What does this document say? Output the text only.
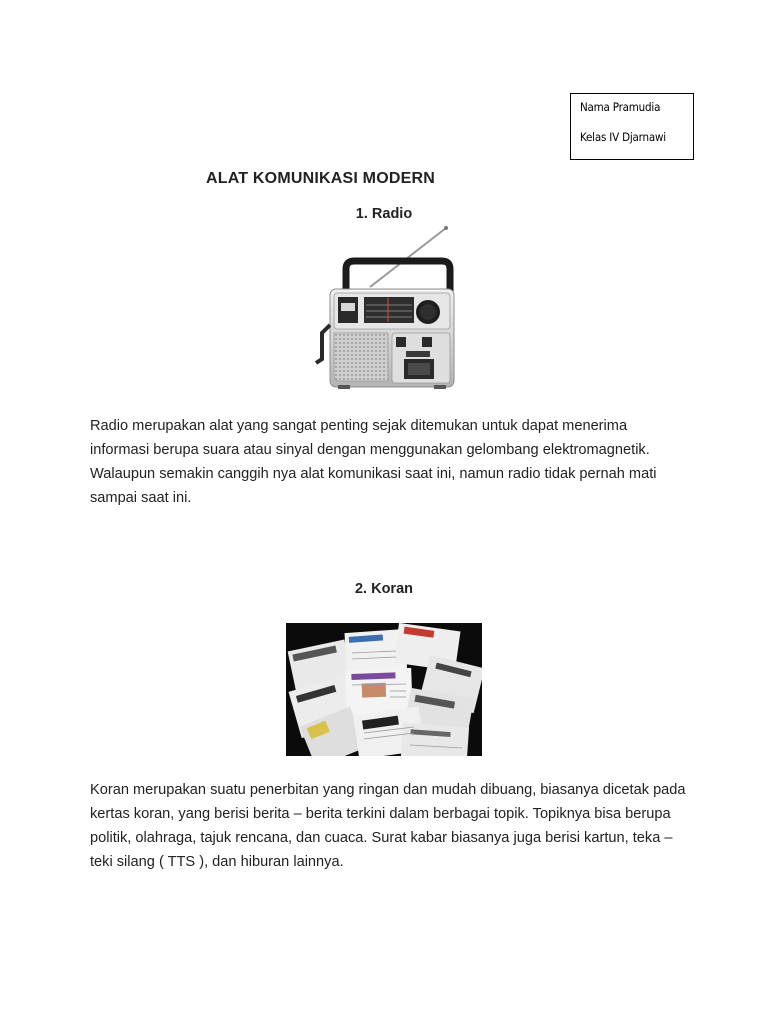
Nama Pramudia
Kelas IV Djarnawi
ALAT KOMUNIKASI MODERN
1. Radio

Radio merupakan alat yang sangat penting sejak ditemukan untuk dapat menerima informasi berupa suara atau sinyal dengan menggunakan gelombang elektromagnetik. Walaupun semakin canggih nya alat komunikasi saat ini, namun radio tidak pernah mati sampai saat ini.

2. Koran

Koran merupakan suatu penerbitan yang ringan dan mudah dibuang, biasanya dicetak pada kertas koran, yang berisi berita – berita terkini dalam berbagai topik. Topiknya bisa berupa politik, olahraga, tajuk rencana, dan cuaca. Surat kabar biasanya juga berisi kartun, teka – teki silang ( TTS ), dan hiburan lainnya.
